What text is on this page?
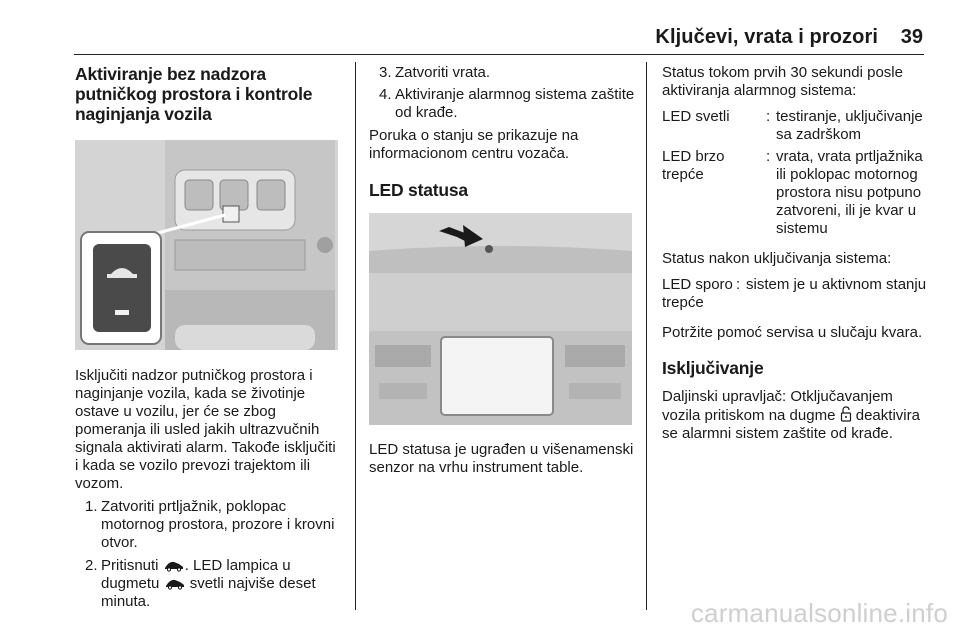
Ključevi, vrata i prozori 39
Aktiviranje bez nadzora putničkog prostora i kontrole naginjanja vozila

Isključiti nadzor putničkog prostora i naginjanje vozila, kada se životinje ostave u vozilu, jer će se zbog pomeranja ili usled jakih ultrazvučnih signala aktivirati alarm. Takođe isključiti i kada se vozilo prevozi trajektom ili vozom.

1. Zatvoriti prtljažnik, poklopac motornog prostora, prozore i krovni otvor.
2. Pritisnuti . LED lampica u dugmetu  svetli najviše deset minuta.
3. Zatvoriti vrata.
4. Aktiviranje alarmnog sistema zaštite od krađe.

Poruka o stanju se prikazuje na informacionom centru vozača.

LED statusa

LED statusa je ugrađen u višenamenski senzor na vrhu instrument table.

Status tokom prvih 30 sekundi posle aktiviranja alarmnog sistema:

LED svetli	: testiranje, uključivanje sa zadrškom
LED brzo trepće
: vrata, vrata prtljažnika ili poklopac motornog prostora nisu potpuno zatvoreni, ili je kvar u sistemu

Status nakon uključivanja sistema:

LED sporo trepće
: sistem je u aktivnom stanju

Potržite pomoć servisa u slučaju kvara.

Isključivanje

Daljinski upravljač: Otključavanjem vozila pritiskom na dugme  deaktivira se alarmni sistem zaštite od krađe.

carmanualsonline.info
